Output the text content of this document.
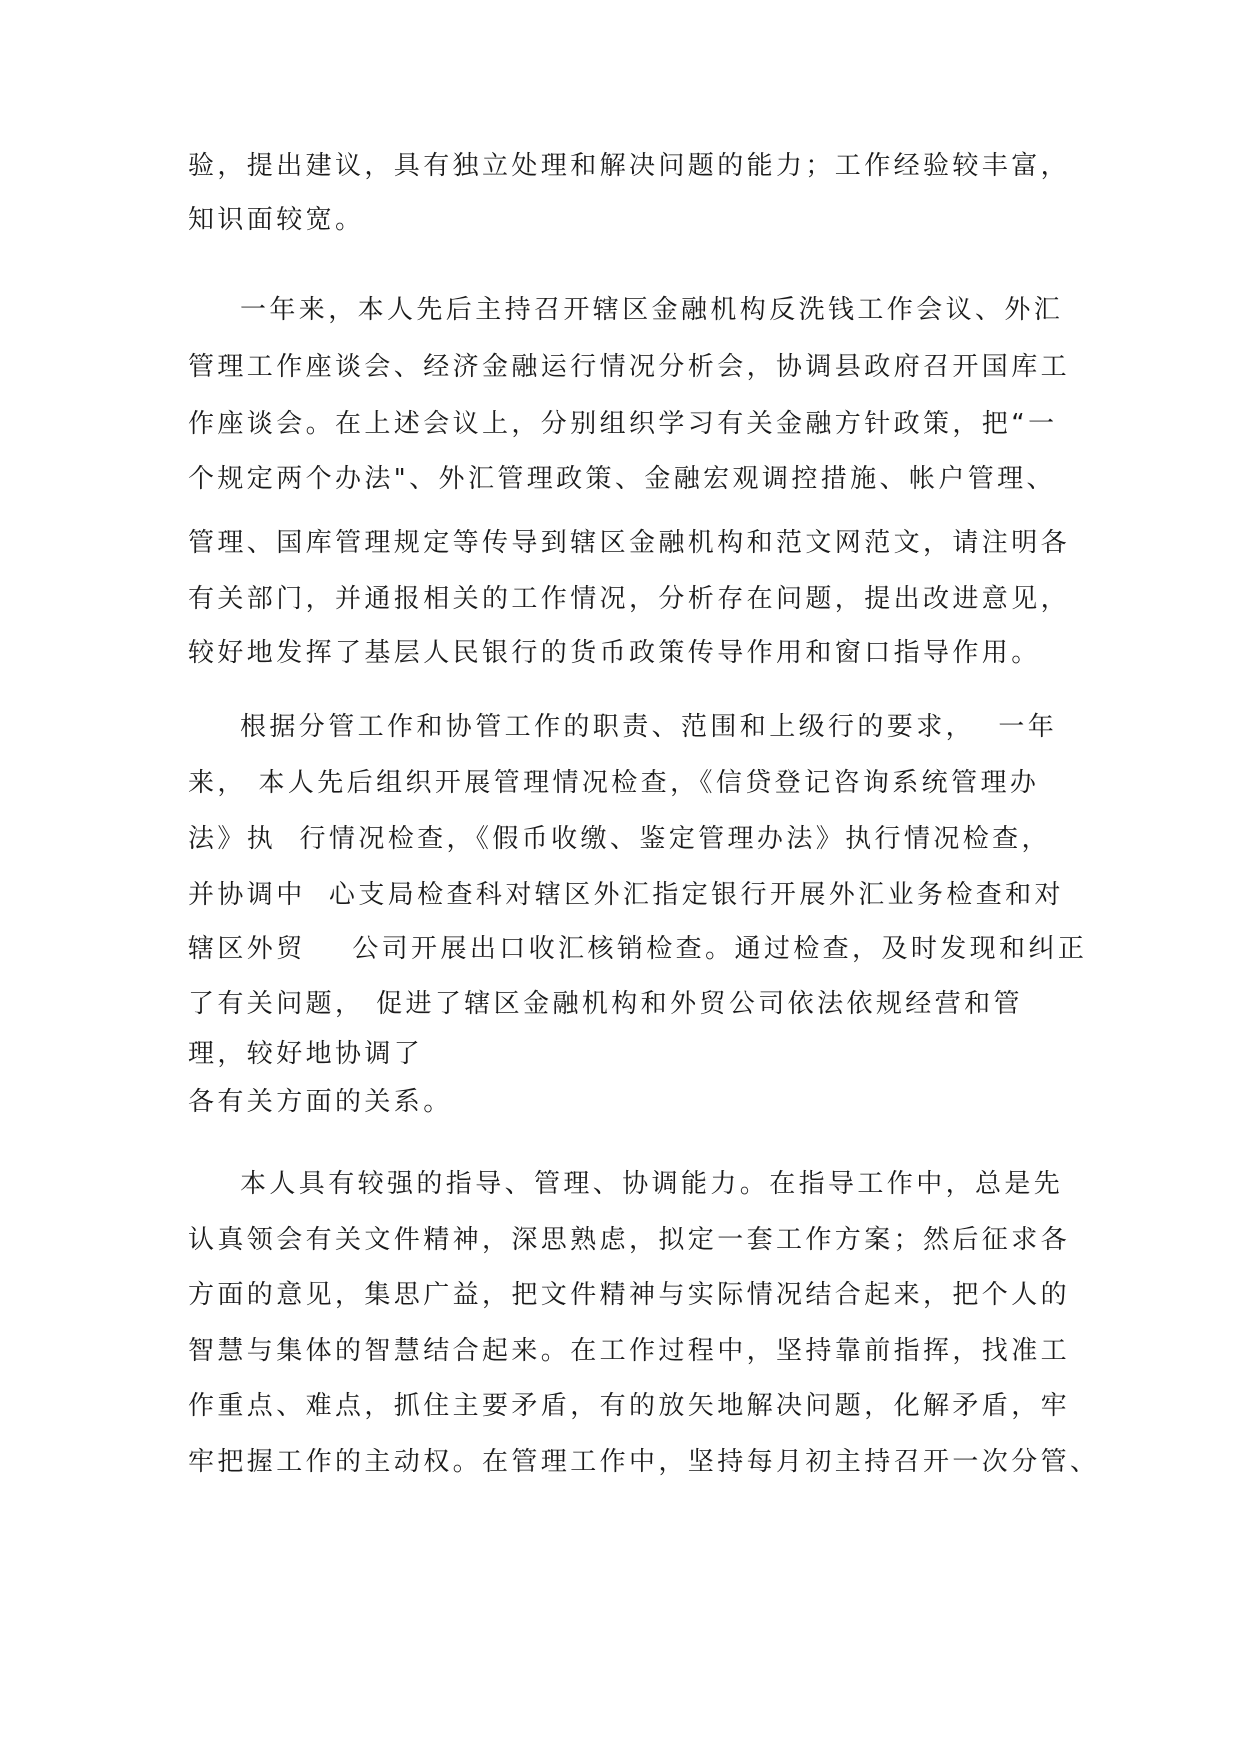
验，提出建议，具有独立处理和解决问题的能力；工作经验较丰富，
知识面较宽。
一年来，本人先后主持召开辖区金融机构反洗钱工作会议、外汇
管理工作座谈会、经济金融运行情况分析会，协调县政府召开国库工
作座谈会。在上述会议上，分别组织学习有关金融方针政策，把“一
个规定两个办法"、外汇管理政策、金融宏观调控措施、帐户管理、
管理、国库管理规定等传导到辖区金融机构和范文网范文，请注明各
有关部门，并通报相关的工作情况，分析存在问题，提出改进意见，
较好地发挥了基层人民银行的货币政策传导作用和窗口指导作用。
根据分管工作和协管工作的职责、范围和上级行的要求，  一年
来， 本人先后组织开展管理情况检查，《信贷登记咨询系统管理办
法》执  行情况检查，《假币收缴、鉴定管理办法》执行情况检查，
并协调中  心支局检查科对辖区外汇指定银行开展外汇业务检查和对
辖区外贸    公司开展出口收汇核销检查。通过检查，及时发现和纠正
了有关问题， 促进了辖区金融机构和外贸公司依法依规经营和管
理，较好地协调了
各有关方面的关系。
本人具有较强的指导、管理、协调能力。在指导工作中，总是先
认真领会有关文件精神，深思熟虑，拟定一套工作方案；然后征求各
方面的意见，集思广益，把文件精神与实际情况结合起来，把个人的
智慧与集体的智慧结合起来。在工作过程中，坚持靠前指挥，找准工
作重点、难点，抓住主要矛盾，有的放矢地解决问题，化解矛盾，牢
牢把握工作的主动权。在管理工作中，坚持每月初主持召开一次分管、
